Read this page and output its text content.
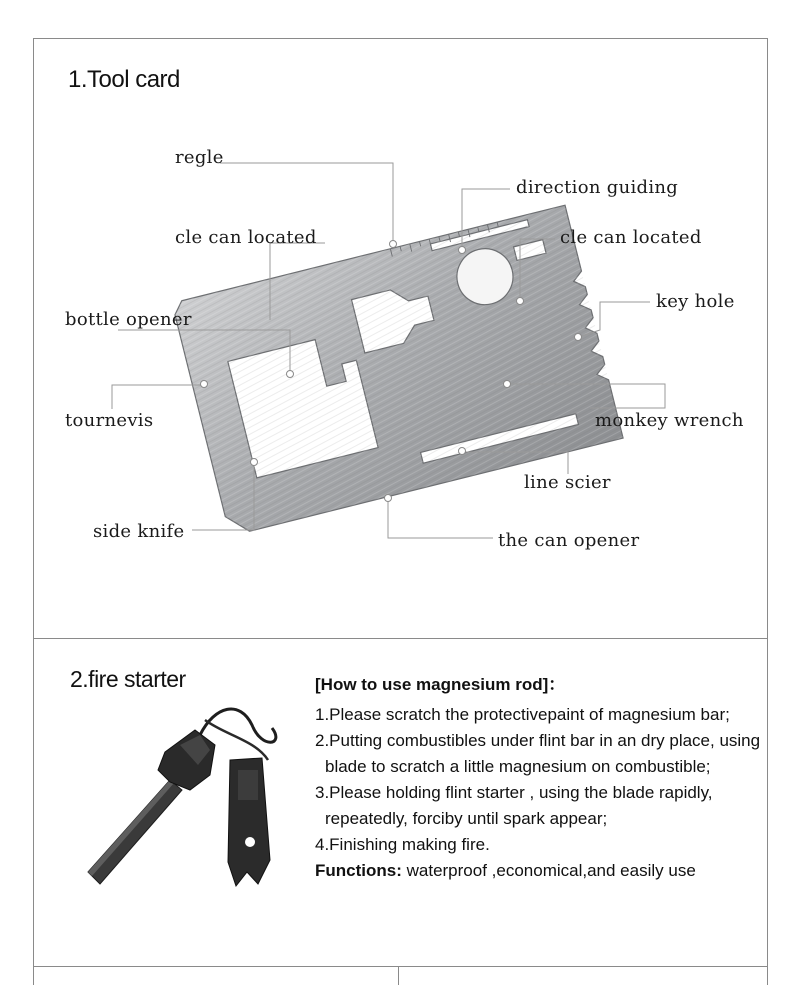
1.Tool card
regle
direction guiding
cle can located	cle can located
key hole
bottle opener
tournevis	monkey wrench
line scier
side knife	the can opener
2.fire starter	[How to use magnesium rod]：

1.Please scratch the protectivepaint of magnesium bar;

2.Putting combustibles under flint bar in an dry place, using blade to scratch a little magnesium on combustible;

3.Please holding flint starter , using the blade rapidly, repeatedly, forciby until spark appear;

4.Finishing making fire.

Functions: waterproof ,economical,and easily use
